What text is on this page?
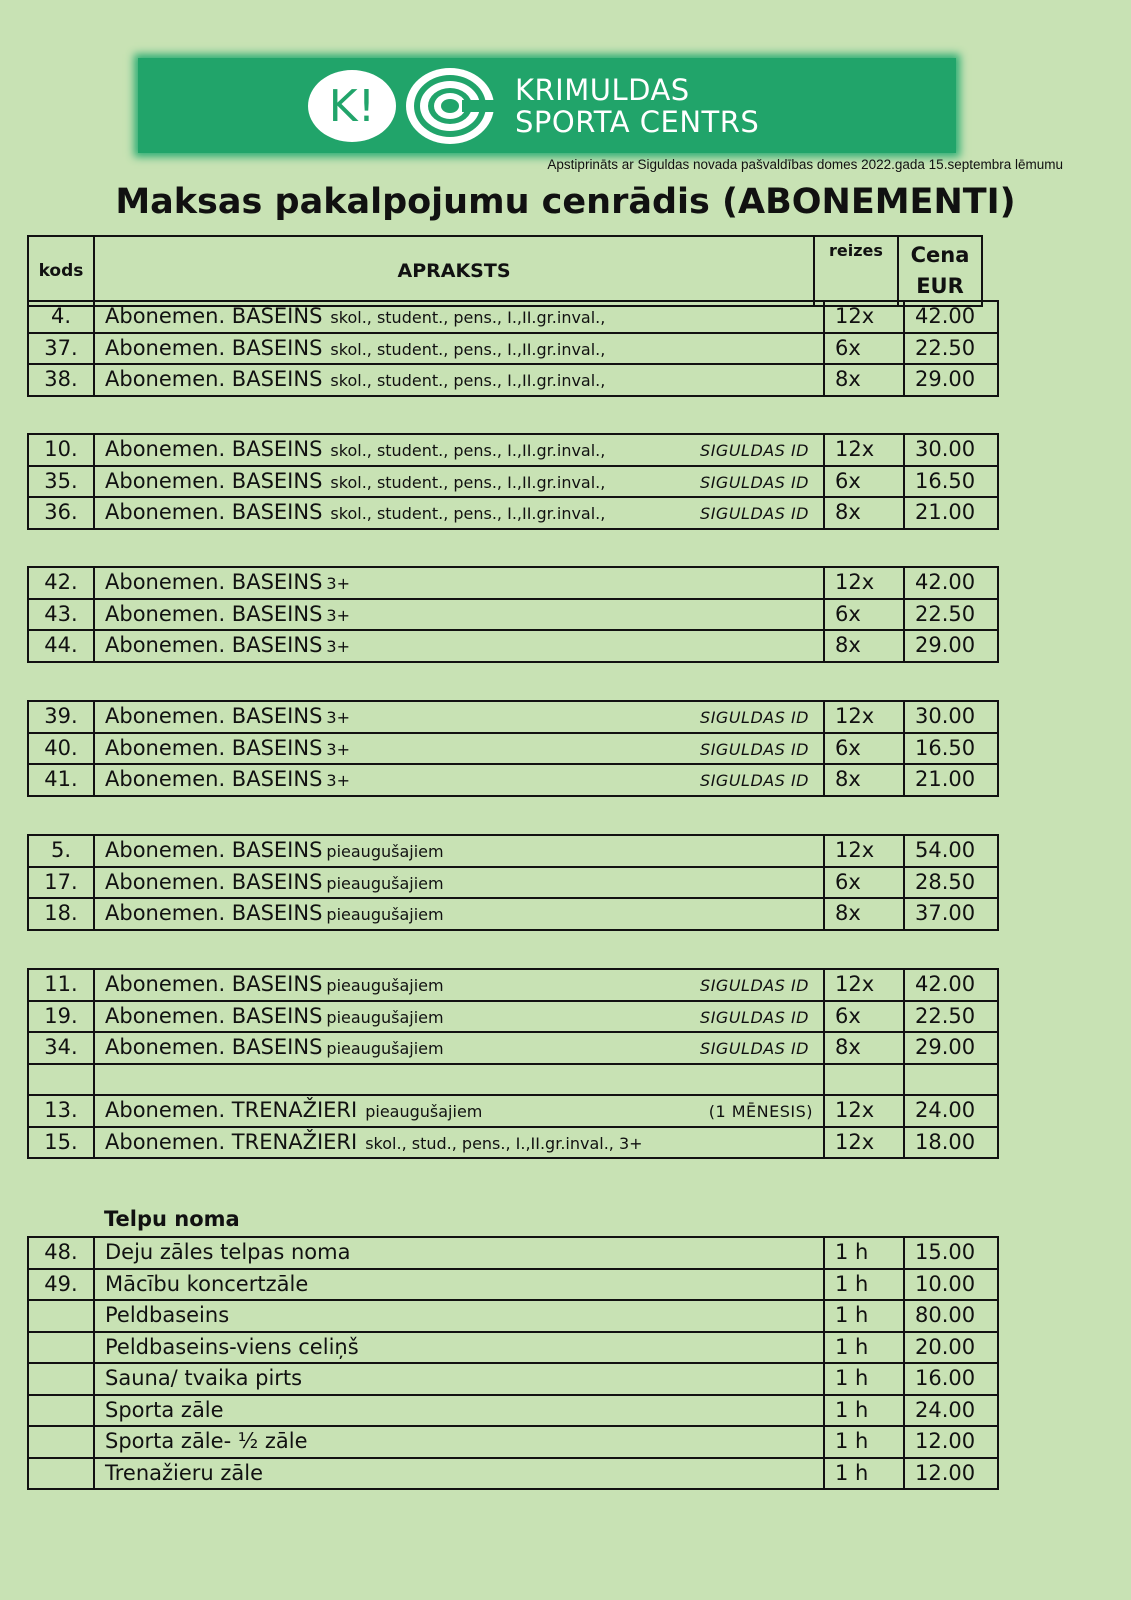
K!	KRIMULDAS
SPORTA CENTRS
Apstiprināts ar Siguldas novada pašvaldības domes 2022.gada 15.septembra lēmumu
Maksas pakalpojumu cenrādis (ABONEMENTI)
kods	APRAKSTS	reizes	Cena
EUR
4.	Abonemen. BASEINS skol., student., pens., I.,II.gr.inval.,	12x	42.00
37.	Abonemen. BASEINS skol., student., pens., I.,II.gr.inval.,	6x	22.50
38.	Abonemen. BASEINS skol., student., pens., I.,II.gr.inval.,	8x	29.00
10.	Abonemen. BASEINS skol., student., pens., I.,II.gr.inval., SIGULDAS ID	12x	30.00
35.	Abonemen. BASEINS skol., student., pens., I.,II.gr.inval., SIGULDAS ID	6x	16.50
36.	Abonemen. BASEINS skol., student., pens., I.,II.gr.inval., SIGULDAS ID	8x	21.00
42.	Abonemen. BASEINS 3+	12x	42.00
43.	Abonemen. BASEINS 3+	6x	22.50
44.	Abonemen. BASEINS 3+	8x	29.00
39.	Abonemen. BASEINS 3+ SIGULDAS ID	12x	30.00
40.	Abonemen. BASEINS 3+ SIGULDAS ID	6x	16.50
41.	Abonemen. BASEINS 3+ SIGULDAS ID	8x	21.00
5.	Abonemen. BASEINS pieaugušajiem	12x	54.00
17.	Abonemen. BASEINS pieaugušajiem	6x	28.50
18.	Abonemen. BASEINS pieaugušajiem	8x	37.00
11.	Abonemen. BASEINS pieaugušajiem SIGULDAS ID	12x	42.00
19.	Abonemen. BASEINS pieaugušajiem SIGULDAS ID	6x	22.50
34.	Abonemen. BASEINS pieaugušajiem SIGULDAS ID	8x	29.00

13.	Abonemen. TRENAŽIERI pieaugušajiem (1 MĒNESIS)	12x	24.00
15.	Abonemen. TRENAŽIERI skol., stud., pens., I.,II.gr.inval., 3+	12x	18.00
Telpu noma
48.	Deju zāles telpas noma	1 h	15.00
49.	Mācību koncertzāle	1 h	10.00
	Peldbaseins	1 h	80.00
	Peldbaseins-viens celiņš	1 h	20.00
	Sauna/ tvaika pirts	1 h	16.00
	Sporta zāle	1 h	24.00
	Sporta zāle- ½ zāle	1 h	12.00
	Trenažieru zāle	1 h	12.00
